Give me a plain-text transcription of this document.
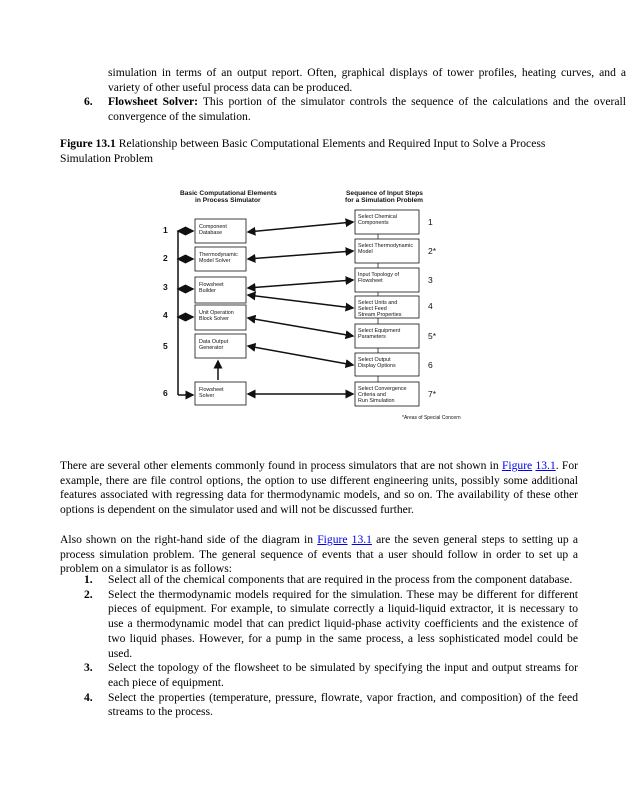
simulation in terms of an output report. Often, graphical displays of tower profiles, heating curves, and a variety of other useful process data can be produced.
6. Flowsheet Solver: This portion of the simulator controls the sequence of the calculations and the overall convergence of the simulation.
Figure 13.1 Relationship between Basic Computational Elements and Required Input to Solve a Process Simulation Problem
Basic Computational Elements in Process Simulator
Sequence of Input Steps for a Simulation Problem
1
2
3
4
5
6
1
2*
3
4
5*
6
7*
Component
Database
Thermodynamic
Model Solver
Flowsheet
Builder
Unit Operation
Block Solver
Data Output
Generator
Flowsheet
Solver
Select Chemical
Components
Select Thermodynamic
Model
Input Topology of
Flowsheet
Select Units and
Select Feed
Stream Properties
Select Equipment
Parameters
Select Output
Display Options
Select Convergence
Criteria and
Run Simulation
*Areas of Special Concern
There are several other elements commonly found in process simulators that are not shown in Figure 13.1. For example, there are file control options, the option to use different engineering units, possibly some additional features associated with regressing data for thermodynamic models, and so on. The availability of these other options is dependent on the simulator used and will not be discussed further.
Also shown on the right-hand side of the diagram in Figure 13.1 are the seven general steps to setting up a process simulation problem. The general sequence of events that a user should follow in order to set up a problem on a simulator is as follows:
1. Select all of the chemical components that are required in the process from the component database.
2. Select the thermodynamic models required for the simulation. These may be different for different pieces of equipment. For example, to simulate correctly a liquid-liquid extractor, it is necessary to use a thermodynamic model that can predict liquid-phase activity coefficients and the existence of two liquid phases. However, for a pump in the same process, a less sophisticated model could be used.
3. Select the topology of the flowsheet to be simulated by specifying the input and output streams for each piece of equipment.
4. Select the properties (temperature, pressure, flowrate, vapor fraction, and composition) of the feed streams to the process.
